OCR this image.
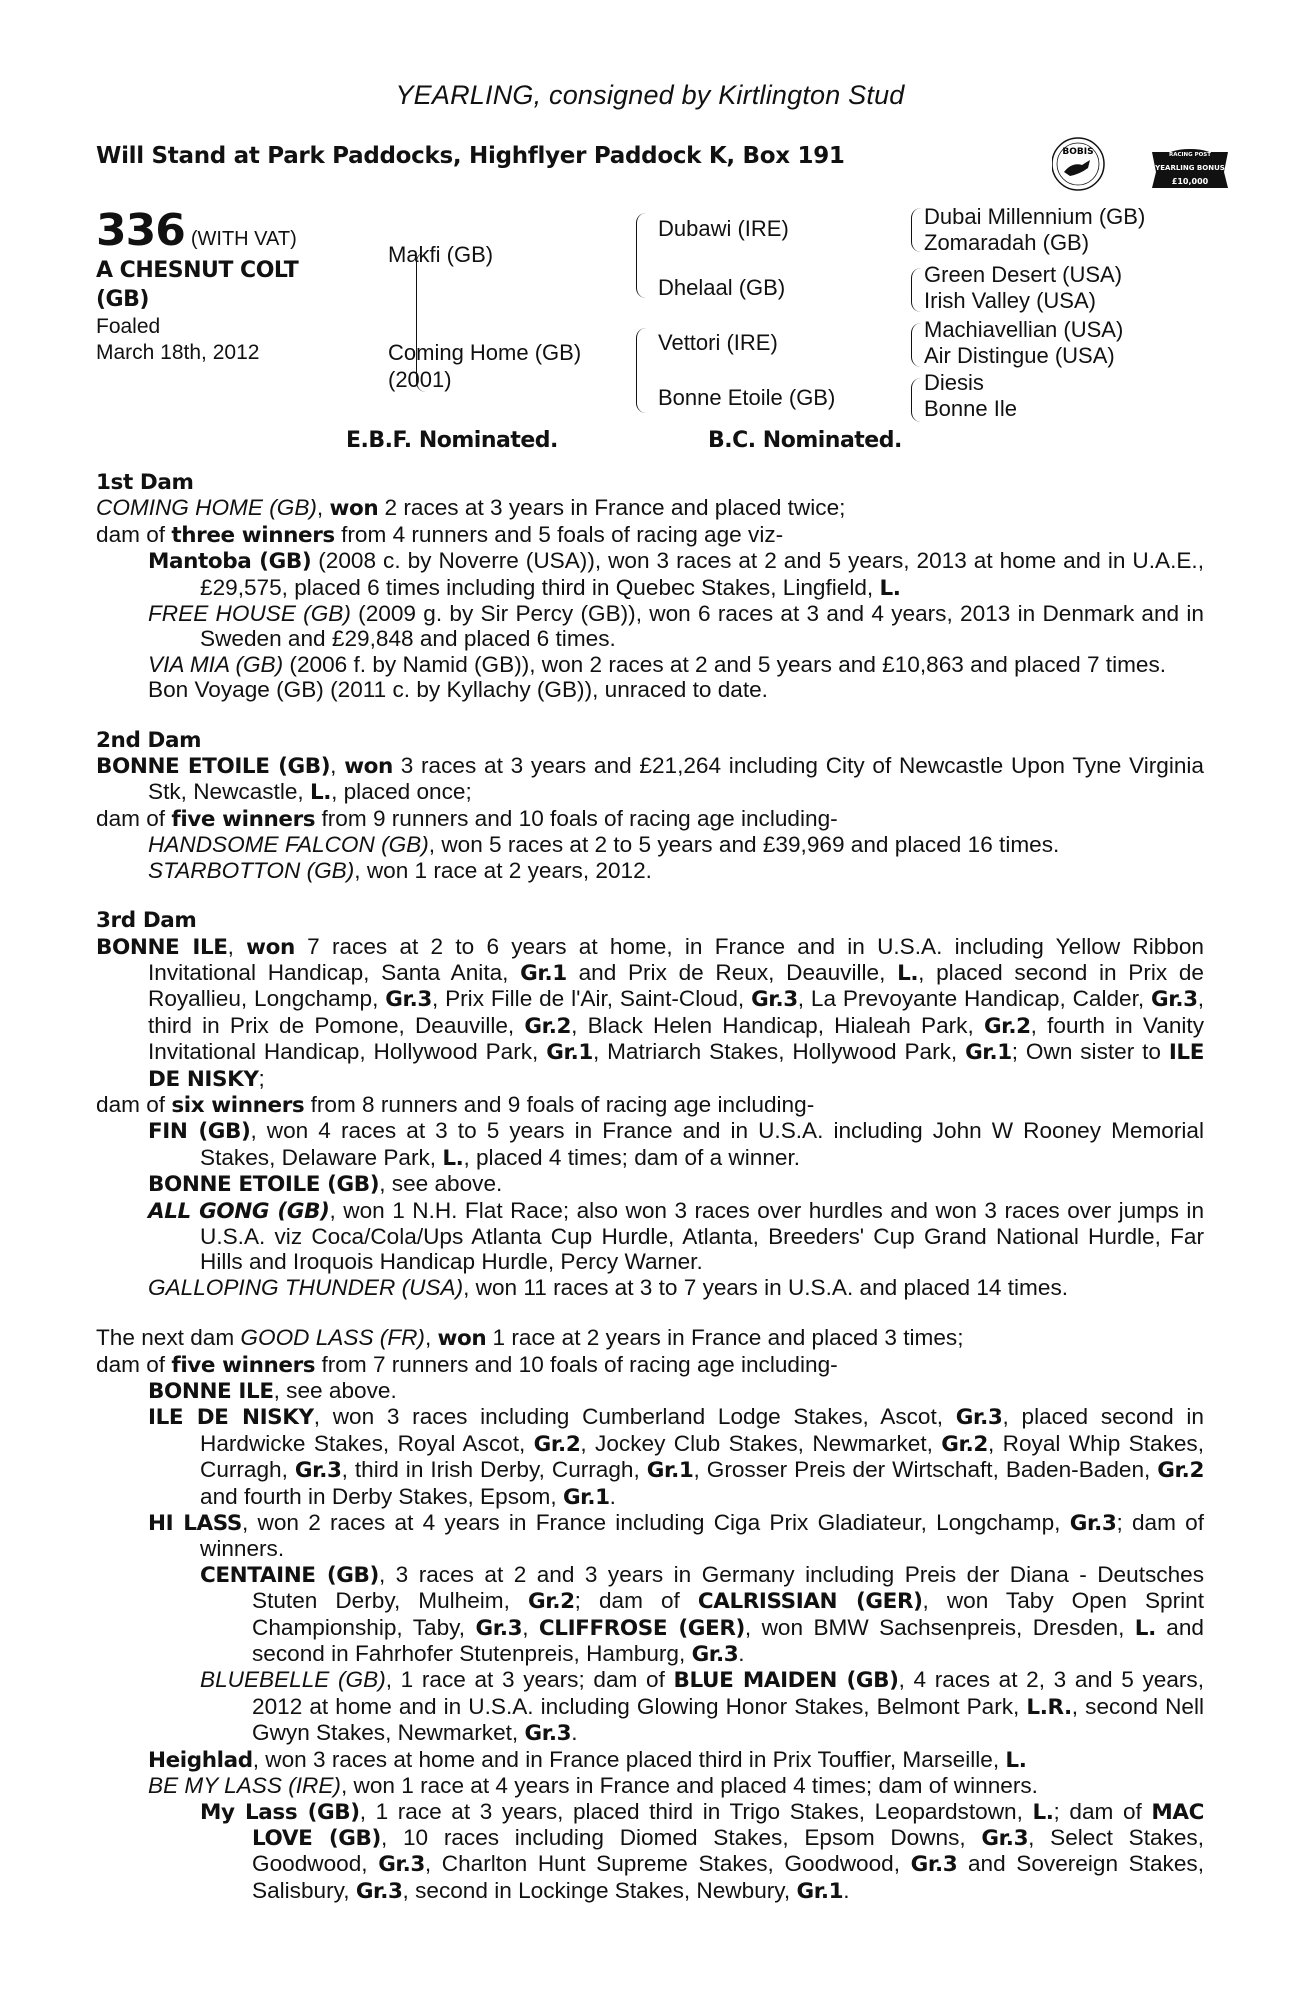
YEARLING, consigned by Kirtlington Stud
Will Stand at Park Paddocks, Highflyer Paddock K, Box 191	BOBIS	RACING POST
YEARLING BONUS
£10,000
336 (WITH VAT)
A CHESNUT COLT
(GB)
Foaled
March 18th, 2012
Makfi (GB)
Coming Home (GB)
(2001)
Dubawi (IRE)
Dhelaal (GB)
Vettori (IRE)
Bonne Etoile (GB)
Dubai Millennium (GB)
Zomaradah (GB)
Green Desert (USA)
Irish Valley (USA)
Machiavellian (USA)
Air Distingue (USA)
Diesis
Bonne Ile
E.B.F. Nominated.	B.C. Nominated.

1st Dam

COMING HOME (GB), won 2 races at 3 years in France and placed twice;

dam of three winners from 4 runners and 5 foals of racing age viz-

Mantoba (GB) (2008 c. by Noverre (USA)), won 3 races at 2 and 5 years, 2013 at home and in U.A.E., £29,575, placed 6 times including third in Quebec Stakes, Lingfield, L.

FREE HOUSE (GB) (2009 g. by Sir Percy (GB)), won 6 races at 3 and 4 years, 2013 in Denmark and in Sweden and £29,848 and placed 6 times.

VIA MIA (GB) (2006 f. by Namid (GB)), won 2 races at 2 and 5 years and £10,863 and placed 7 times.

Bon Voyage (GB) (2011 c. by Kyllachy (GB)), unraced to date.

2nd Dam

BONNE ETOILE (GB), won 3 races at 3 years and £21,264 including City of Newcastle Upon Tyne Virginia Stk, Newcastle, L., placed once;

dam of five winners from 9 runners and 10 foals of racing age including-

HANDSOME FALCON (GB), won 5 races at 2 to 5 years and £39,969 and placed 16 times.

STARBOTTON (GB), won 1 race at 2 years, 2012.

3rd Dam

BONNE ILE, won 7 races at 2 to 6 years at home, in France and in U.S.A. including Yellow Ribbon Invitational Handicap, Santa Anita, Gr.1 and Prix de Reux, Deauville, L., placed second in Prix de Royallieu, Longchamp, Gr.3, Prix Fille de l'Air, Saint-Cloud, Gr.3, La Prevoyante Handicap, Calder, Gr.3, third in Prix de Pomone, Deauville, Gr.2, Black Helen Handicap, Hialeah Park, Gr.2, fourth in Vanity Invitational Handicap, Hollywood Park, Gr.1, Matriarch Stakes, Hollywood Park, Gr.1; Own sister to ILE DE NISKY;

dam of six winners from 8 runners and 9 foals of racing age including-

FIN (GB), won 4 races at 3 to 5 years in France and in U.S.A. including John W Rooney Memorial Stakes, Delaware Park, L., placed 4 times; dam of a winner.

BONNE ETOILE (GB), see above.

ALL GONG (GB), won 1 N.H. Flat Race; also won 3 races over hurdles and won 3 races over jumps in U.S.A. viz Coca/Cola/Ups Atlanta Cup Hurdle, Atlanta, Breeders' Cup Grand National Hurdle, Far Hills and Iroquois Handicap Hurdle, Percy Warner.

GALLOPING THUNDER (USA), won 11 races at 3 to 7 years in U.S.A. and placed 14 times.

The next dam GOOD LASS (FR), won 1 race at 2 years in France and placed 3 times;

dam of five winners from 7 runners and 10 foals of racing age including-

BONNE ILE, see above.

ILE DE NISKY, won 3 races including Cumberland Lodge Stakes, Ascot, Gr.3, placed second in Hardwicke Stakes, Royal Ascot, Gr.2, Jockey Club Stakes, Newmarket, Gr.2, Royal Whip Stakes, Curragh, Gr.3, third in Irish Derby, Curragh, Gr.1, Grosser Preis der Wirtschaft, Baden-Baden, Gr.2 and fourth in Derby Stakes, Epsom, Gr.1.

HI LASS, won 2 races at 4 years in France including Ciga Prix Gladiateur, Longchamp, Gr.3; dam of winners.

CENTAINE (GB), 3 races at 2 and 3 years in Germany including Preis der Diana - Deutsches Stuten Derby, Mulheim, Gr.2; dam of CALRISSIAN (GER), won Taby Open Sprint Championship, Taby, Gr.3, CLIFFROSE (GER), won BMW Sachsenpreis, Dresden, L. and second in Fahrhofer Stutenpreis, Hamburg, Gr.3.

BLUEBELLE (GB), 1 race at 3 years; dam of BLUE MAIDEN (GB), 4 races at 2, 3 and 5 years, 2012 at home and in U.S.A. including Glowing Honor Stakes, Belmont Park, L.R., second Nell Gwyn Stakes, Newmarket, Gr.3.

Heighlad, won 3 races at home and in France placed third in Prix Touffier, Marseille, L.

BE MY LASS (IRE), won 1 race at 4 years in France and placed 4 times; dam of winners.

My Lass (GB), 1 race at 3 years, placed third in Trigo Stakes, Leopardstown, L.; dam of MAC LOVE (GB), 10 races including Diomed Stakes, Epsom Downs, Gr.3, Select Stakes, Goodwood, Gr.3, Charlton Hunt Supreme Stakes, Goodwood, Gr.3 and Sovereign Stakes, Salisbury, Gr.3, second in Lockinge Stakes, Newbury, Gr.1.
